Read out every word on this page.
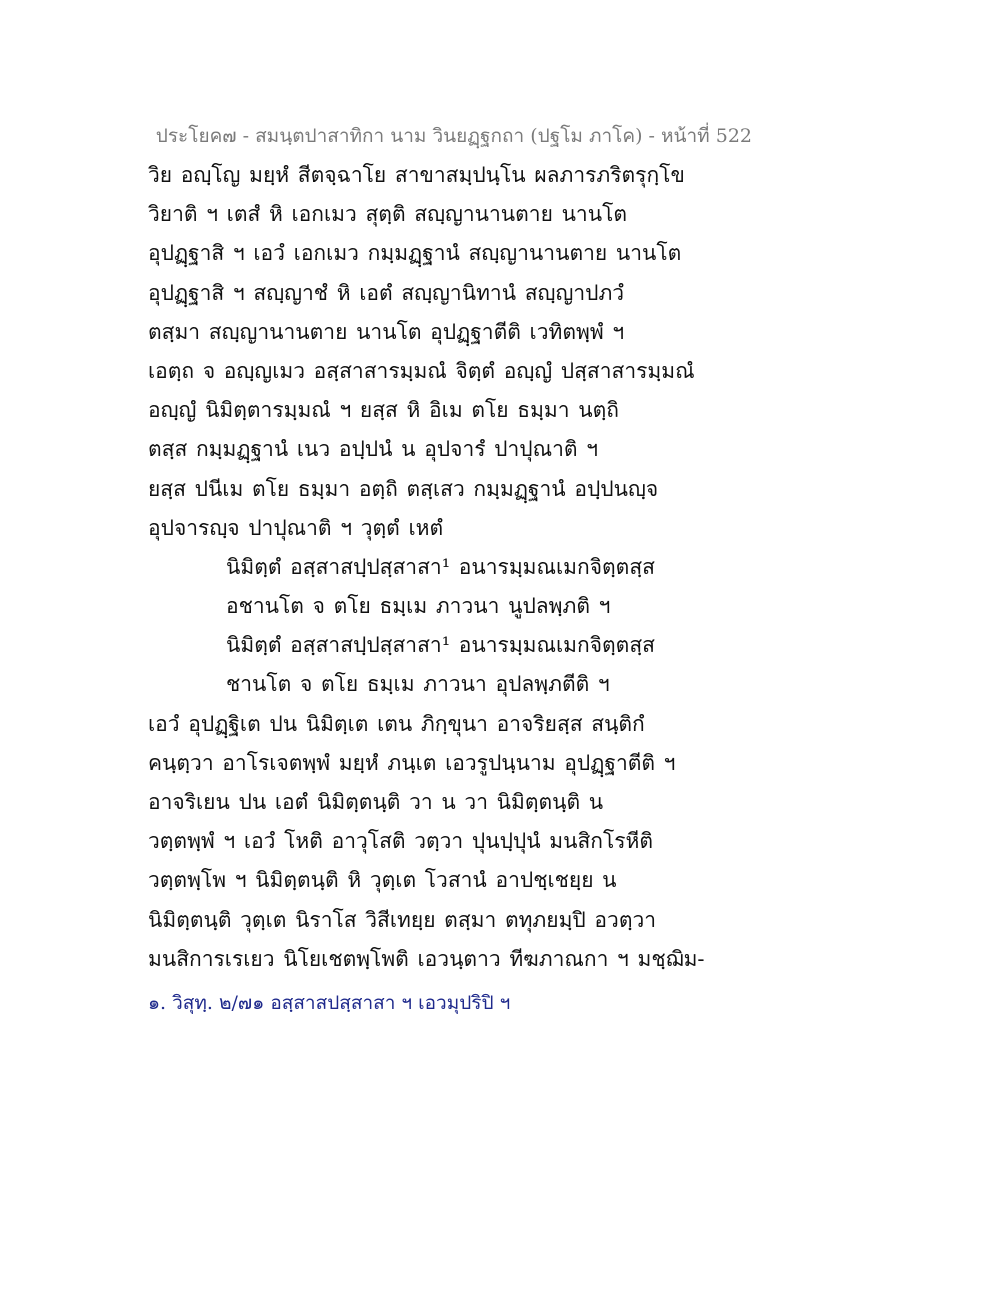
ประโยค๗ - สมนฺตปาสาทิกา นาม วินยฏฺฐกถา (ปฐโม ภาโค) - หน้าที่ 522
วิย อญฺโญ มยฺหํ สีตจฺฉาโย สาขาสมฺปนฺโน ผลภารภริตรุกฺโข
วิยาติ ฯ เตสํ หิ เอกเมว สุตฺติ สญฺญานานตาย นานโต
อุปฏฺฐาสิ ฯ เอวํ เอกเมว กมฺมฏฺฐานํ สญฺญานานตาย นานโต
อุปฏฺฐาสิ ฯ สญฺญาชํ หิ เอตํ สญฺญานิทานํ สญฺญาปภวํ
ตสฺมา สญฺญานานตาย นานโต อุปฏฺฐาตีติ เวทิตพฺพํ ฯ
เอตฺถ จ อญฺญเมว อสฺสาสารมฺมณํ จิตฺตํ อญฺญํ ปสฺสาสารมฺมณํ
อญฺญํ นิมิตฺตารมฺมณํ ฯ ยสฺส หิ อิเม ตโย ธมฺมา นตฺถิ
ตสฺส กมฺมฏฺฐานํ เนว อปฺปนํ น อุปจารํ ปาปุณาติ ฯ
ยสฺส ปนีเม ตโย ธมฺมา อตฺถิ ตสฺเสว กมฺมฏฺฐานํ อปฺปนญฺจ
อุปจารญฺจ ปาปุณาติ ฯ วุตฺตํ เหตํ
นิมิตฺตํ อสฺสาสปฺปสฺสาสา¹ อนารมฺมณเมกจิตฺตสฺส
อชานโต จ ตโย ธมฺเม ภาวนา นูปลพฺภติ ฯ
นิมิตฺตํ อสฺสาสปฺปสฺสาสา¹ อนารมฺมณเมกจิตฺตสฺส
ชานโต จ ตโย ธมฺเม ภาวนา อุปลพฺภตีติ ฯ
เอวํ อุปฏฺฐิเต ปน นิมิตฺเต เตน ภิกฺขุนา อาจริยสฺส สนฺติกํ
คนฺตฺวา อาโรเจตพฺพํ มยฺหํ ภนฺเต เอวรูปนฺนาม อุปฏฺฐาตีติ ฯ
อาจริเยน ปน เอตํ นิมิตฺตนฺติ วา น วา นิมิตฺตนฺติ น
วตฺตพฺพํ ฯ เอวํ โหติ อาวุโสติ วตฺวา ปุนปฺปุนํ มนสิกโรหีติ
วตฺตพฺโพ ฯ นิมิตฺตนฺติ หิ วุตฺเต โวสานํ อาปชฺเชยฺย น
นิมิตฺตนฺติ วุตฺเต นิราโส วิสีเทยฺย ตสฺมา ตทุภยมฺปิ อวตฺวา
มนสิการเรเยว นิโยเชตพฺโพติ เอวนฺตาว ทีฆภาณกา ฯ มชฺฌิม-
๑. วิสุทฺ. ๒/๗๑ อสฺสาสปสฺสาสา ฯ เอวมุปริปิ ฯ
